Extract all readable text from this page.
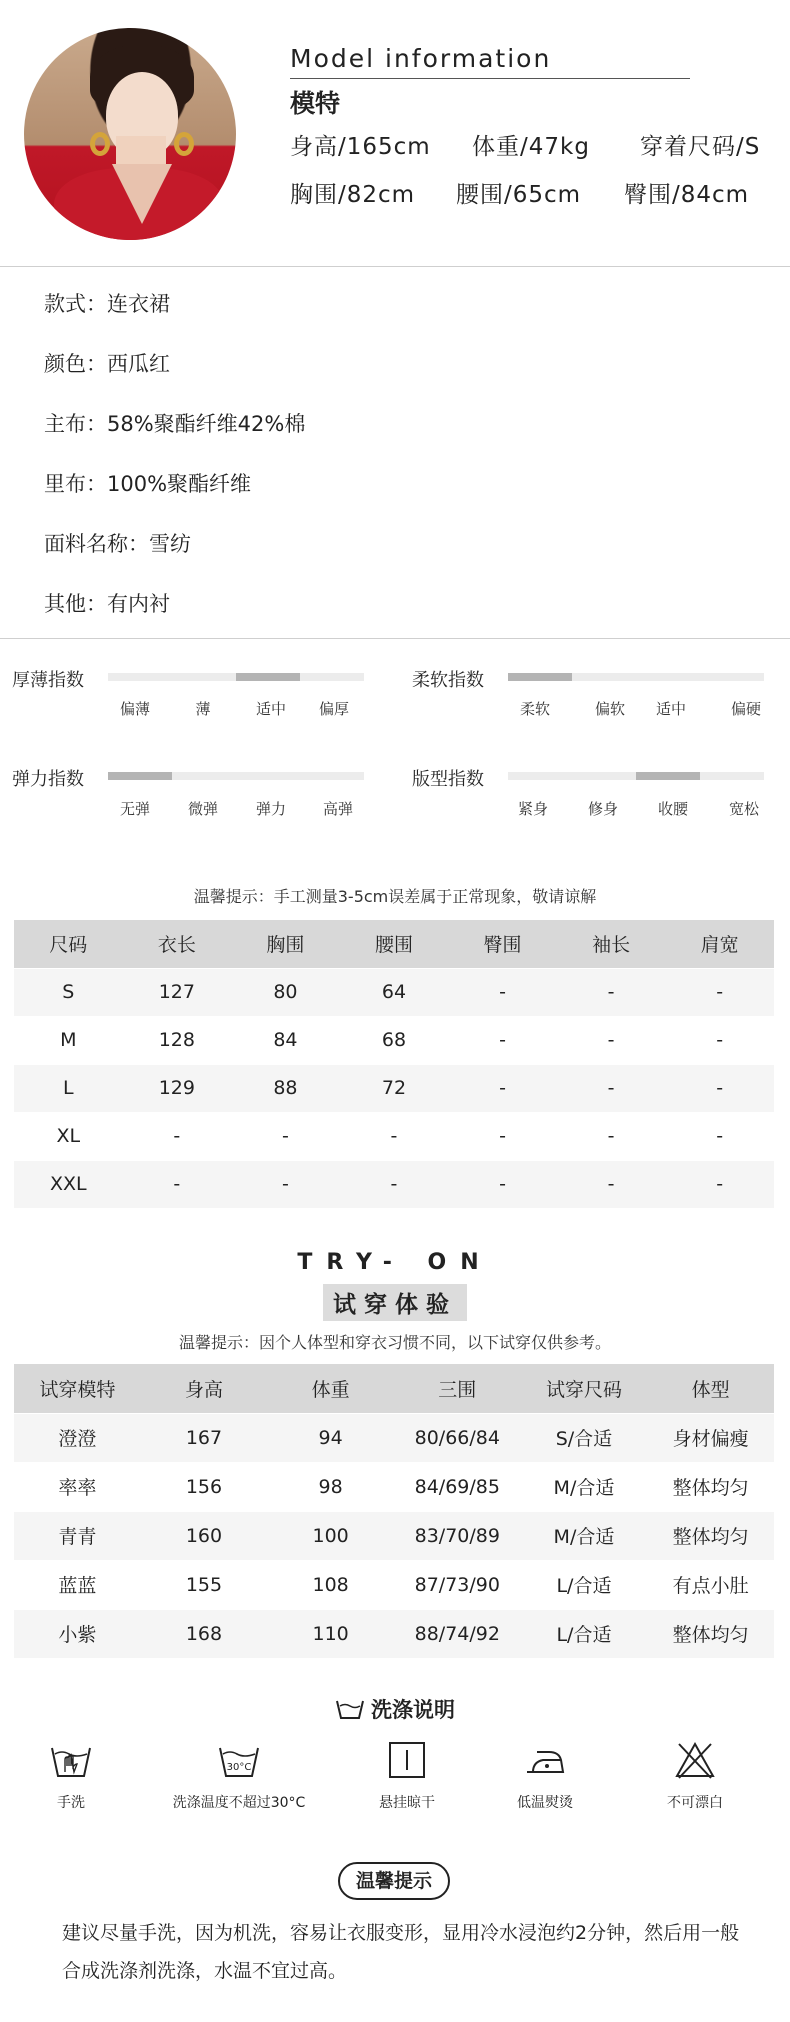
Model information
模特
身高/165cm 体重/47kg 穿着尺码/S
胸围/82cm 腰围/65cm 臀围/84cm
款式：连衣裙
颜色：西瓜红
主布：58%聚酯纤维42%棉
里布：100%聚酯纤维
面料名称：雪纺
其他：有内衬
厚薄指数
偏薄	薄	适中 偏厚
柔软指数
柔软	偏软 适中	偏硬
弹力指数
无弹	微弹	弹力 高弹
版型指数
紧身	修身	收腰	宽松
温馨提示：手工测量3-5cm误差属于正常现象，敬请谅解
尺码	衣长	胸围	腰围	臀围	袖长	肩宽
S	127	80	64	-	-	-
M	128	84	68	-	-	-
L	129	88	72	-	-	-
XL	-	-	-	-	-	-
XXL	-	-	-	-	-	-
TRY- ON
试穿体验
温馨提示：因个人体型和穿衣习惯不同，以下试穿仅供参考。
试穿模特	身高	体重	三围	试穿尺码	体型
澄澄	167	94	80/66/84	S/合适	身材偏瘦
率率	156	98	84/69/85	M/合适	整体均匀
青青	160	100	83/70/89	M/合适	整体均匀
蓝蓝	155	108	87/73/90	L/合适	有点小肚
小紫	168	110	88/74/92	L/合适	整体均匀
洗涤说明
手洗
30°C
洗涤温度不超过30°C	悬挂晾干	低温熨烫	不可漂白
温馨提示
建议尽量手洗，因为机洗，容易让衣服变形，显用冷水浸泡约2分钟，然后用一般合成洗涤剂洗涤，水温不宜过高。
